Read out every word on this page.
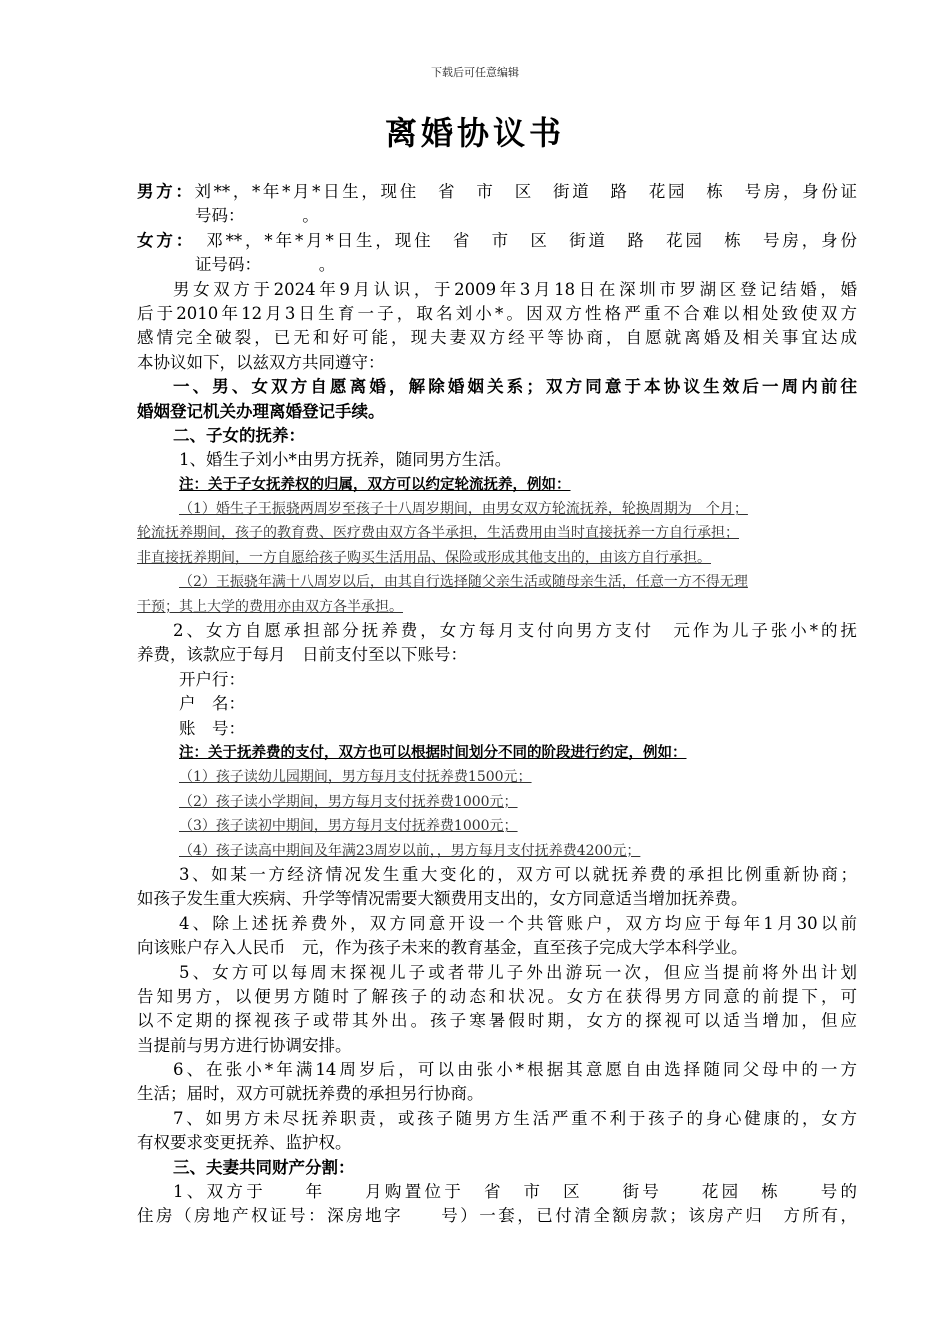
下载后可任意编辑
离婚协议书
男方：刘**，*年*月*日生，现住　省　市　区　街道　路　花园　栋　号房，身份证
号码：　　　　。
女方：　邓**，*年*月*日生，现住　省　市　区　街道　路　花园　栋　号房，身份
证号码：　　　　。
男女双方于2024年9月认识，于2009年3月18日在深圳市罗湖区登记结婚，婚
后于2010年12月3日生育一子，取名刘小*。因双方性格严重不合难以相处致使双方
感情完全破裂，已无和好可能，现夫妻双方经平等协商，自愿就离婚及相关事宜达成
本协议如下，以兹双方共同遵守：
一、男、女双方自愿离婚，解除婚姻关系；双方同意于本协议生效后一周内前往
婚姻登记机关办理离婚登记手续。
二、子女的抚养：
1、婚生子刘小*由男方抚养，随同男方生活。
注：关于子女抚养权的归属，双方可以约定轮流抚养，例如：
（1）婚生子王振骁两周岁至孩子十八周岁期间，由男女双方轮流抚养，轮换周期为　个月；
轮流抚养期间，孩子的教育费、医疗费由双方各半承担，生活费用由当时直接抚养一方自行承担；
非直接抚养期间，一方自愿给孩子购买生活用品、保险或形成其他支出的，由该方自行承担。
（2）王振骁年满十八周岁以后，由其自行选择随父亲生活或随母亲生活，任意一方不得无理
干预；其上大学的费用亦由双方各半承担。
2、女方自愿承担部分抚养费，女方每月支付向男方支付　元作为儿子张小*的抚
养费，该款应于每月　日前支付至以下账号：
开户行：
户　名：
账　号：
注：关于抚养费的支付，双方也可以根据时间划分不同的阶段进行约定，例如：
（1）孩子读幼儿园期间，男方每月支付抚养费1500元；
（2）孩子读小学期间，男方每月支付抚养费1000元；
（3）孩子读初中期间，男方每月支付抚养费1000元；
（4）孩子读高中期间及年满23周岁以前，，男方每月支付抚养费4200元；
3、如某一方经济情况发生重大变化的，双方可以就抚养费的承担比例重新协商；
如孩子发生重大疾病、升学等情况需要大额费用支出的，女方同意适当增加抚养费。
4、除上述抚养费外，双方同意开设一个共管账户，双方均应于每年1月30以前
向该账户存入人民币　元，作为孩子未来的教育基金，直至孩子完成大学本科学业。
5、女方可以每周末探视儿子或者带儿子外出游玩一次，但应当提前将外出计划
告知男方，以便男方随时了解孩子的动态和状况。女方在获得男方同意的前提下，可
以不定期的探视孩子或带其外出。孩子寒暑假时期，女方的探视可以适当增加，但应
当提前与男方进行协调安排。
6、在张小*年满14周岁后，可以由张小*根据其意愿自由选择随同父母中的一方
生活；届时，双方可就抚养费的承担另行协商。
7、如男方未尽抚养职责，或孩子随男方生活严重不利于孩子的身心健康的，女方
有权要求变更抚养、监护权。
三、夫妻共同财产分割：
1、双方于　　年　　月购置位于　省　市　区　　街号　　花园　栋　　号的
住房（房地产权证号：深房地字　　号）一套，已付清全额房款；该房产归　方所有，
